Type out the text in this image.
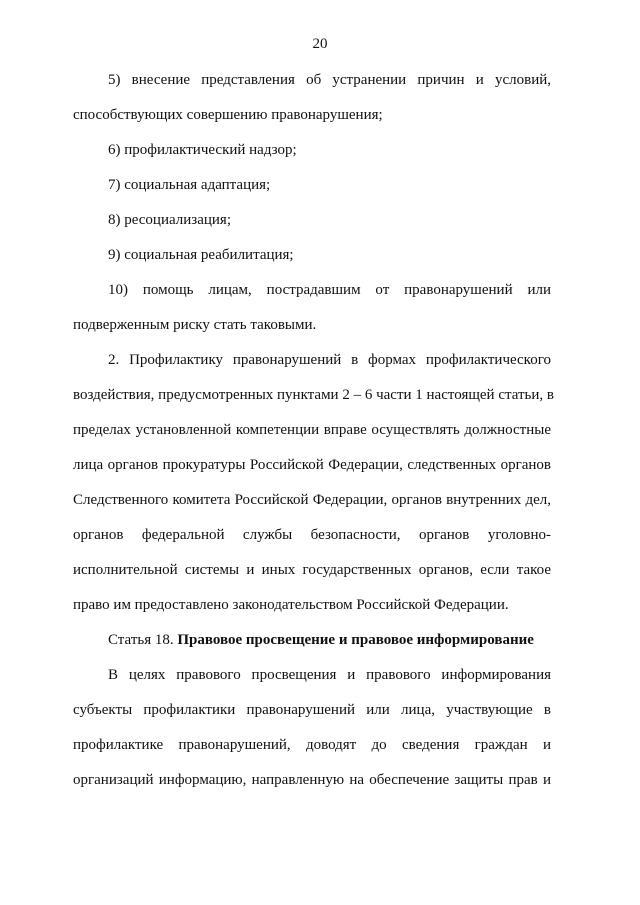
20
5) внесение представления об устранении причин и условий,
способствующих совершению правонарушения;
6) профилактический надзор;
7) социальная адаптация;
8) ресоциализация;
9) социальная реабилитация;
10) помощь лицам, пострадавшим от правонарушений или
подверженным риску стать таковыми.
2. Профилактику правонарушений в формах профилактического
воздействия, предусмотренных пунктами 2 – 6 части 1 настоящей статьи, в
пределах установленной компетенции вправе осуществлять должностные
лица органов прокуратуры Российской Федерации, следственных органов
Следственного комитета Российской Федерации, органов внутренних дел,
органов федеральной службы безопасности, органов уголовно-
исполнительной системы и иных государственных органов, если такое
право им предоставлено законодательством Российской Федерации.
Статья 18. Правовое просвещение и правовое информирование
В целях правового просвещения и правового информирования
субъекты профилактики правонарушений или лица, участвующие в
профилактике правонарушений, доводят до сведения граждан и
организаций информацию, направленную на обеспечение защиты прав и
